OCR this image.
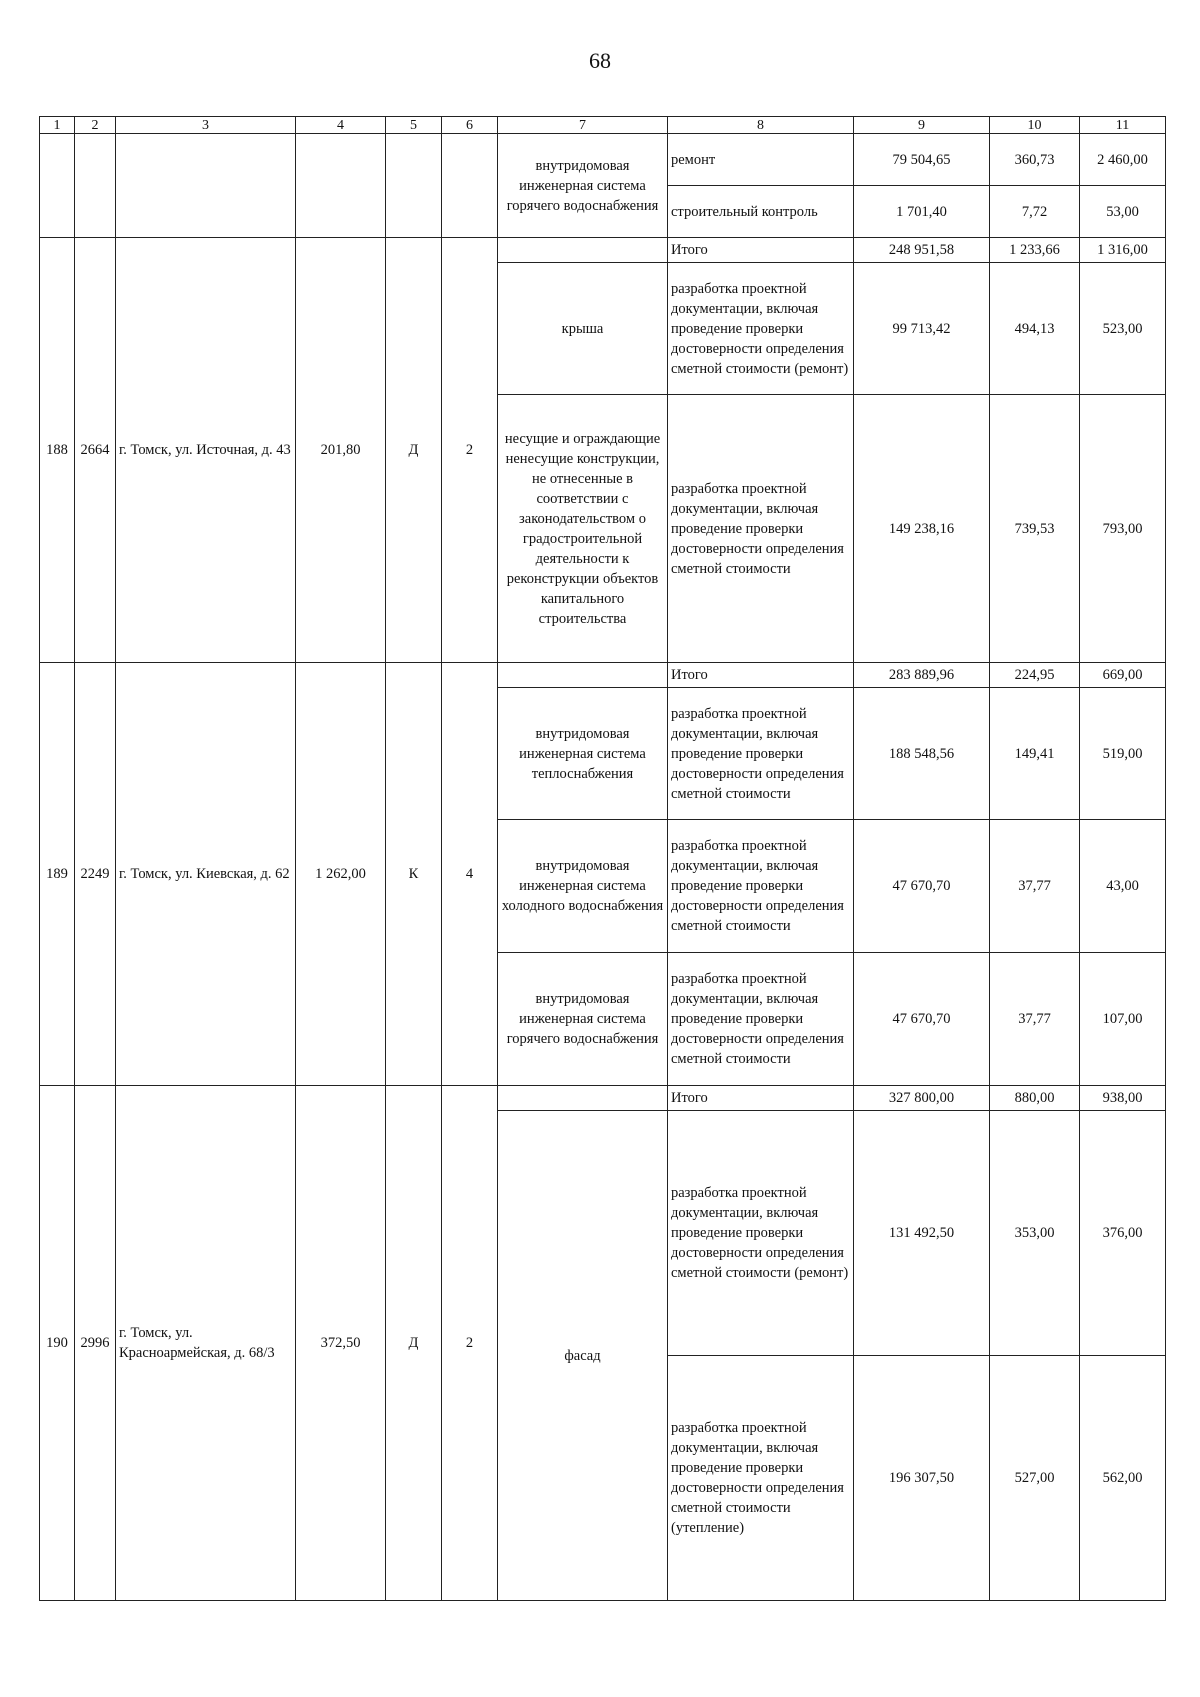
68
1	2	3	4	5	6	7	8	9	10	11
						внутридомовая инженерная система горячего водоснабжения	ремонт	79 504,65	360,73	2 460,00
							строительный контроль	1 701,40	7,72	53,00
188	2664	г. Томск, ул. Источная, д. 43	201,80	Д	2		Итого	248 951,58	1 233,66	1 316,00
						крыша	разработка проектной документации, включая проведение проверки достоверности определения сметной стоимости (ремонт)	99 713,42	494,13	523,00
						несущие и ограждающие ненесущие конструкции, не отнесенные в соответствии с законодательством о градостроительной деятельности к реконструкции объектов капитального строительства	разработка проектной документации, включая проведение проверки достоверности определения сметной стоимости	149 238,16	739,53	793,00
189	2249	г. Томск, ул. Киевская, д. 62	1 262,00	К	4		Итого	283 889,96	224,95	669,00
						внутридомовая инженерная система теплоснабжения	разработка проектной документации, включая проведение проверки достоверности определения сметной стоимости	188 548,56	149,41	519,00
						внутридомовая инженерная система холодного водоснабжения	разработка проектной документации, включая проведение проверки достоверности определения сметной стоимости	47 670,70	37,77	43,00
						внутридомовая инженерная система горячего водоснабжения	разработка проектной документации, включая проведение проверки достоверности определения сметной стоимости	47 670,70	37,77	107,00
190	2996	г. Томск, ул. Красноармейская, д. 68/3	372,50	Д	2		Итого	327 800,00	880,00	938,00
						фасад	разработка проектной документации, включая проведение проверки достоверности определения сметной стоимости (ремонт)	131 492,50	353,00	376,00
							разработка проектной документации, включая проведение проверки достоверности определения сметной стоимости (утепление)	196 307,50	527,00	562,00
